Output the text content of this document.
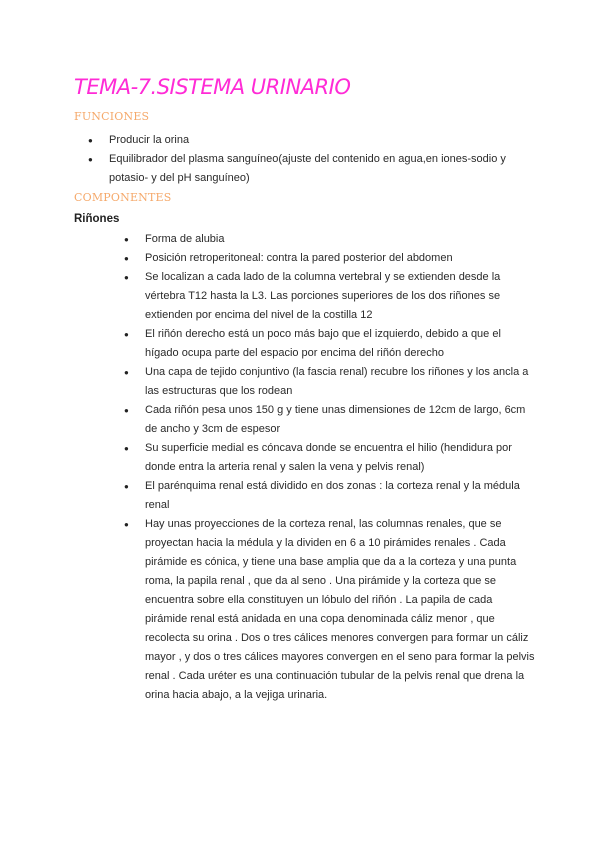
TEMA-7.SISTEMA URINARIO
FUNCIONES
● Producir la orina
● Equilibrador del plasma sanguíneo(ajuste del contenido en agua,en iones-sodio y potasio- y del pH sanguíneo)
COMPONENTES
Riñones
● Forma de alubia
● Posición retroperitoneal: contra la pared posterior del abdomen
● Se localizan a cada lado de la columna vertebral y se extienden desde la vértebra T12 hasta la L3. Las porciones superiores de los dos riñones se extienden por encima del nivel de la costilla 12
● El riñón derecho está un poco más bajo que el izquierdo, debido a que el hígado ocupa parte del espacio por encima del riñón derecho
● Una capa de tejido conjuntivo (la fascia renal) recubre los riñones y los ancla a las estructuras que los rodean
● Cada riñón pesa unos 150 g y tiene unas dimensiones de 12cm de largo, 6cm de ancho y 3cm de espesor
● Su superficie medial es cóncava donde se encuentra el hilio (hendidura por donde entra la arteria renal y salen la vena y pelvis renal)
● El parénquima renal está dividido en dos zonas : la corteza renal y la médula renal
● Hay unas proyecciones de la corteza renal, las columnas renales, que se proyectan hacia la médula y la dividen en 6 a 10 pirámides renales . Cada pirámide es cónica, y tiene una base amplia que da a la corteza y una punta roma, la papila renal , que da al seno . Una pirámide y la corteza que se encuentra sobre ella constituyen un lóbulo del riñón . La papila de cada pirámide renal está anidada en una copa denominada cáliz menor , que recolecta su orina . Dos o tres cálices menores convergen para formar un cáliz mayor , y dos o tres cálices mayores convergen en el seno para formar la pelvis renal . Cada uréter es una continuación tubular de la pelvis renal que drena la orina hacia abajo, a la vejiga urinaria.
